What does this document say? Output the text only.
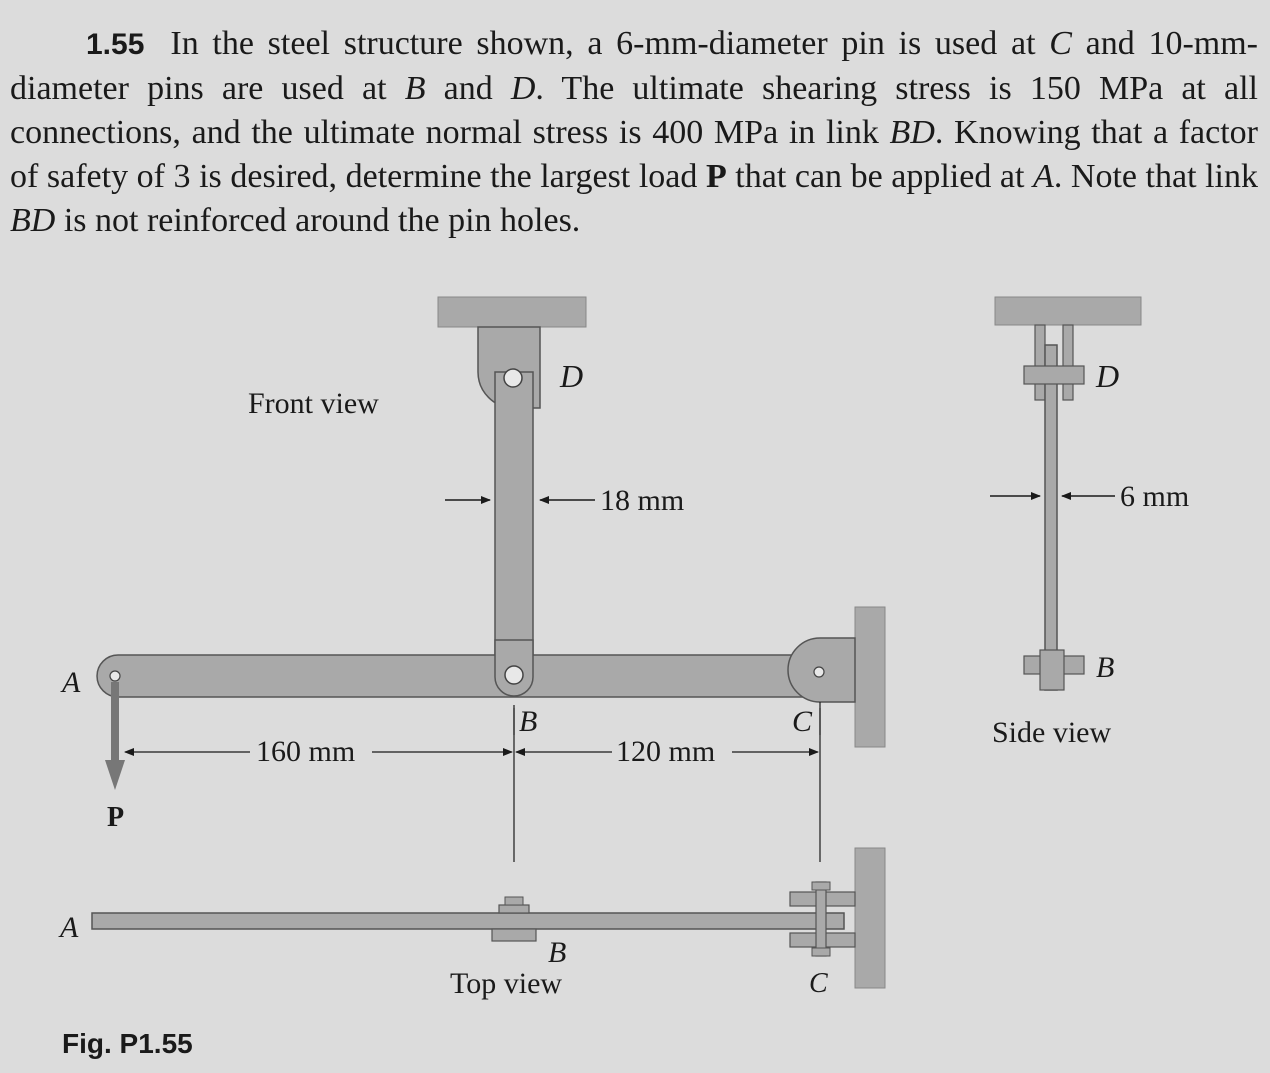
1.55 In the steel structure shown, a 6-mm-diameter pin is used at C and 10-mm-diameter pins are used at B and D. The ultimate shearing stress is 150 MPa at all connections, and the ultimate normal stress is 400 MPa in link BD. Knowing that a factor of safety of 3 is desired, determine the largest load P that can be applied at A. Note that link BD is not reinforced around the pin holes.
Front view
D
A
P
B	C
160 mm	120 mm
18 mm
A
B
C
Top view
6 mm
D
B
Side view
Fig. P1.55
